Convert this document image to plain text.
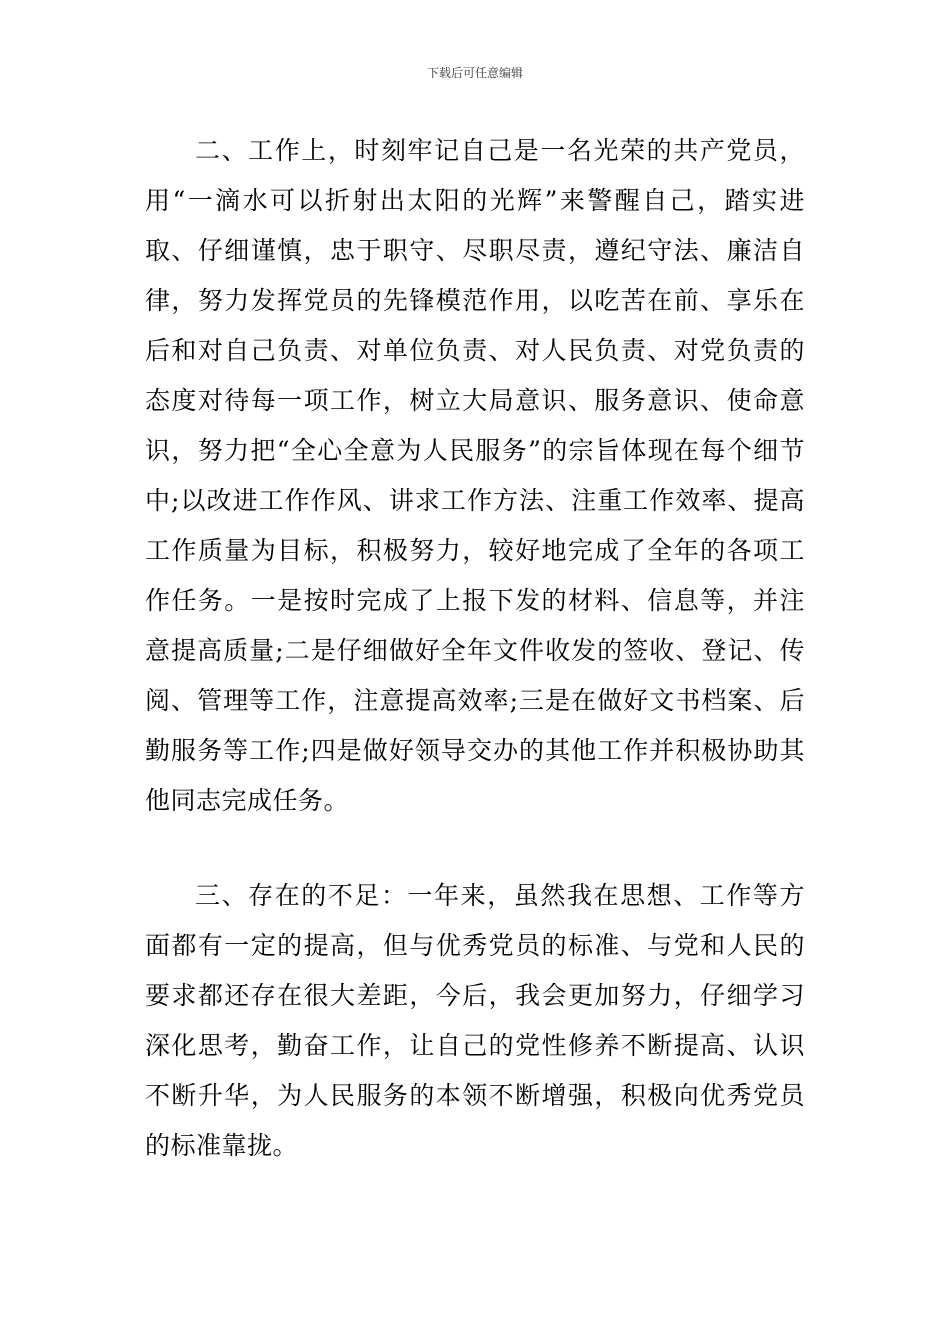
下载后可任意编辑

二、工作上，时刻牢记自己是一名光荣的共产党员，用“一滴水可以折射出太阳的光辉”来警醒自己，踏实进取、仔细谨慎，忠于职守、尽职尽责，遵纪守法、廉洁自律，努力发挥党员的先锋模范作用，以吃苦在前、享乐在后和对自己负责、对单位负责、对人民负责、对党负责的态度对待每一项工作，树立大局意识、服务意识、使命意识，努力把“全心全意为人民服务”的宗旨体现在每个细节中;以改进工作作风、讲求工作方法、注重工作效率、提高工作质量为目标，积极努力，较好地完成了全年的各项工作任务。一是按时完成了上报下发的材料、信息等，并注意提高质量;二是仔细做好全年文件收发的签收、登记、传阅、管理等工作，注意提高效率;三是在做好文书档案、后勤服务等工作;四是做好领导交办的其他工作并积极协助其他同志完成任务。

三、存在的不足：一年来，虽然我在思想、工作等方面都有一定的提高，但与优秀党员的标准、与党和人民的要求都还存在很大差距，今后，我会更加努力，仔细学习深化思考，勤奋工作，让自己的党性修养不断提高、认识不断升华，为人民服务的本领不断增强，积极向优秀党员的标准靠拢。
